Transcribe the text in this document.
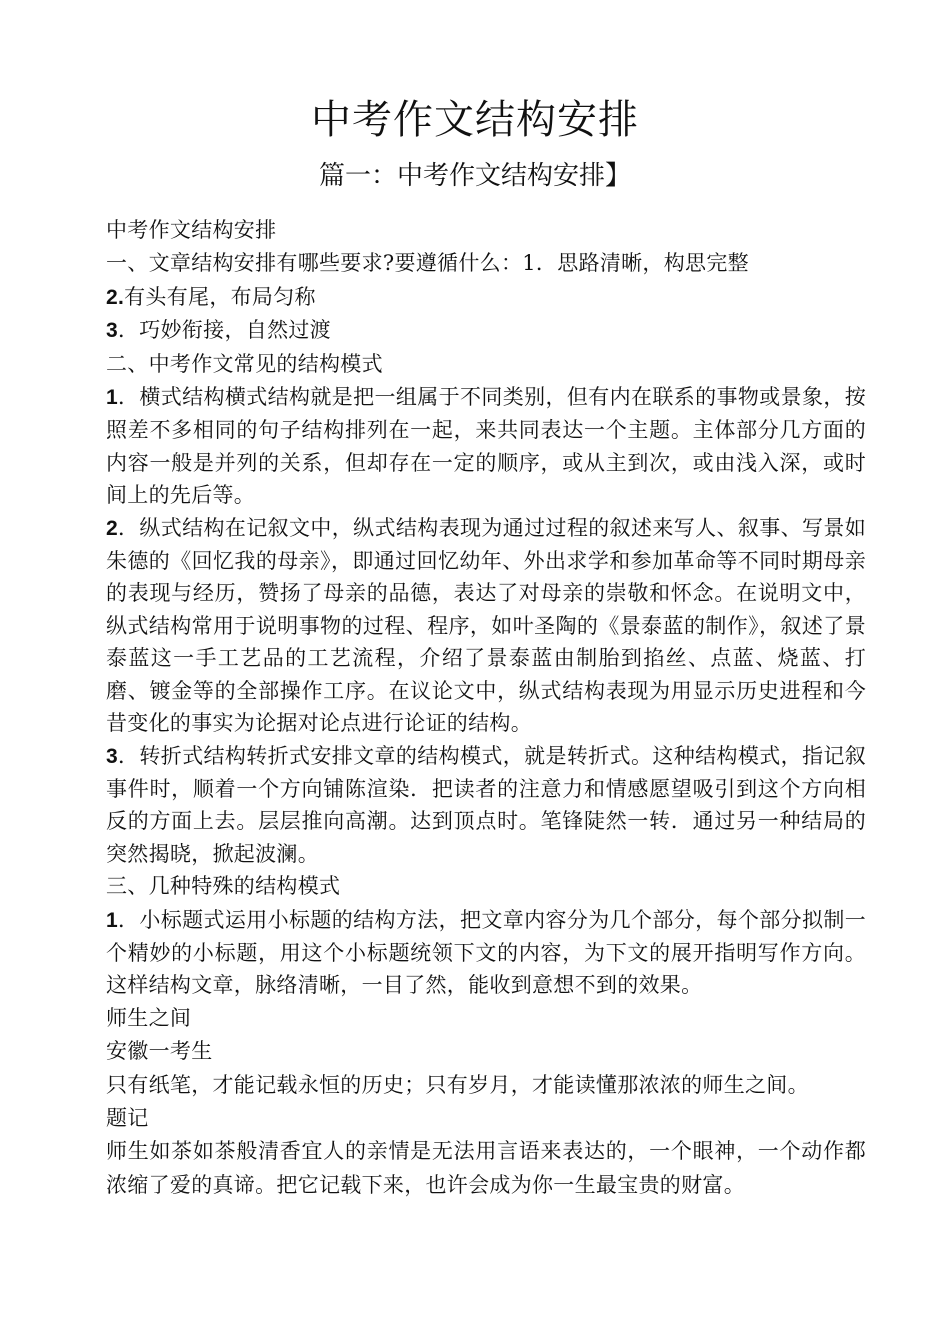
中考作文结构安排
篇一：中考作文结构安排】

中考作文结构安排

一、文章结构安排有哪些要求?要遵循什么：1．思路清晰，构思完整

2.有头有尾，布局匀称

3．巧妙衔接，自然过渡

二、中考作文常见的结构模式

1．横式结构横式结构就是把一组属于不同类别，但有内在联系的事物或景象，按照差不多相同的句子结构排列在一起，来共同表达一个主题。主体部分几方面的内容一般是并列的关系，但却存在一定的顺序，或从主到次，或由浅入深，或时间上的先后等。

2．纵式结构在记叙文中，纵式结构表现为通过过程的叙述来写人、叙事、写景如朱德的《回忆我的母亲》，即通过回忆幼年、外出求学和参加革命等不同时期母亲的表现与经历，赞扬了母亲的品德，表达了对母亲的崇敬和怀念。在说明文中，纵式结构常用于说明事物的过程、程序，如叶圣陶的《景泰蓝的制作》，叙述了景泰蓝这一手工艺品的工艺流程，介绍了景泰蓝由制胎到掐丝、点蓝、烧蓝、打磨、镀金等的全部操作工序。在议论文中，纵式结构表现为用显示历史进程和今昔变化的事实为论据对论点进行论证的结构。

3．转折式结构转折式安排文章的结构模式，就是转折式。这种结构模式，指记叙事件时，顺着一个方向铺陈渲染．把读者的注意力和情感愿望吸引到这个方向相反的方面上去。层层推向高潮。达到顶点时。笔锋陡然一转．通过另一种结局的突然揭晓，掀起波澜。

三、几种特殊的结构模式

1．小标题式运用小标题的结构方法，把文章内容分为几个部分，每个部分拟制一个精妙的小标题，用这个小标题统领下文的内容，为下文的展开指明写作方向。这样结构文章，脉络清晰，一目了然，能收到意想不到的效果。

师生之间

安徽一考生

只有纸笔，才能记载永恒的历史；只有岁月，才能读懂那浓浓的师生之间。

题记

师生如茶如茶般清香宜人的亲情是无法用言语来表达的，一个眼神，一个动作都浓缩了爱的真谛。把它记载下来，也许会成为你一生最宝贵的财富。
